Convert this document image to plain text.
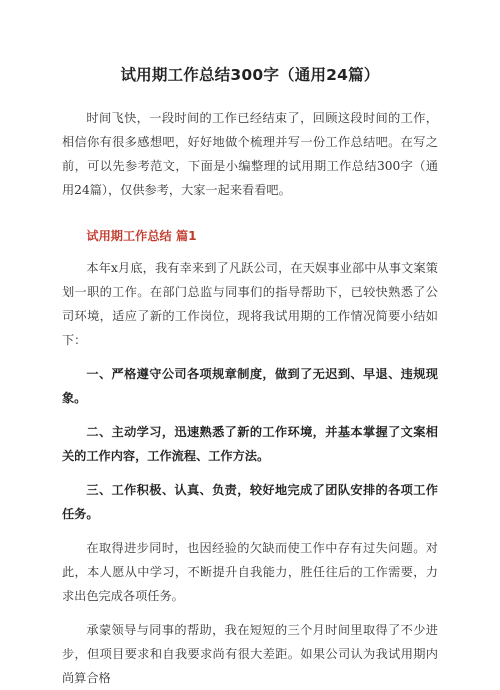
试用期工作总结300字（通用24篇）

时间飞快，一段时间的工作已经结束了，回顾这段时间的工作，相信你有很多感想吧，好好地做个梳理并写一份工作总结吧。在写之前，可以先参考范文，下面是小编整理的试用期工作总结300字（通用24篇），仅供参考，大家一起来看看吧。

试用期工作总结 篇1

本年x月底，我有幸来到了凡跃公司，在天娱事业部中从事文案策划一职的工作。在部门总监与同事们的指导帮助下，已较快熟悉了公司环境，适应了新的工作岗位，现将我试用期的工作情况简要小结如下：

一、严格遵守公司各项规章制度，做到了无迟到、早退、违规现象。

二、主动学习，迅速熟悉了新的工作环境，并基本掌握了文案相关的工作内容，工作流程、工作方法。

三、工作积极、认真、负责，较好地完成了团队安排的各项工作任务。

在取得进步同时，也因经验的欠缺而使工作中存有过失问题。对此，本人愿从中学习，不断提升自我能力，胜任往后的工作需要，力求出色完成各项任务。

承蒙领导与同事的帮助，我在短短的三个月时间里取得了不少进步，但项目要求和自我要求尚有很大差距。如果公司认为我试用期内尚算合格
